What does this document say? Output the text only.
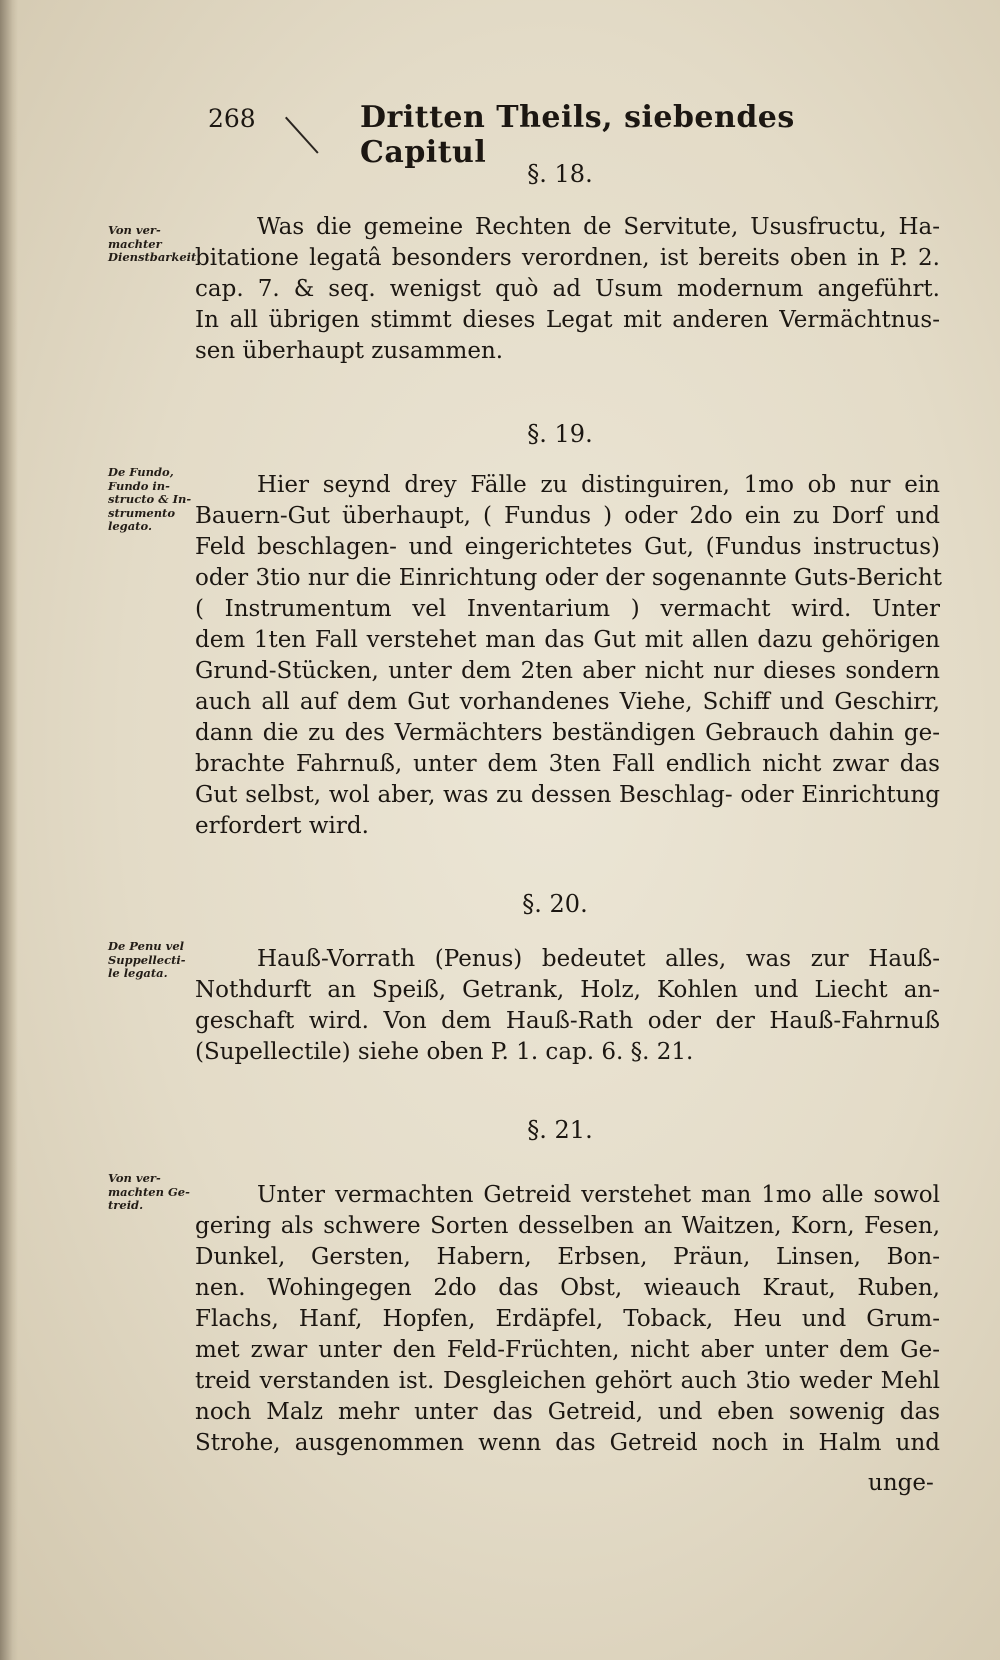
268	Dritten Theils, siebendes Capitul
§. 18.
Von ver-
machter
Dienstbarkeit.
Was die gemeine Rechten de Servitute, Ususfructu, Ha-
bitatione legatâ besonders verordnen, ist bereits oben in P. 2.
cap. 7. & seq. wenigst quò ad Usum modernum angeführt.
In all übrigen stimmt dieses Legat mit anderen Vermächtnus-
sen überhaupt zusammen.
§. 19.
De Fundo,
Fundo in-
structo & In-
strumento
legato.
Hier seynd drey Fälle zu distinguiren, 1mo ob nur ein
Bauern-Gut überhaupt, ( Fundus ) oder 2do ein zu Dorf und
Feld beschlagen- und eingerichtetes Gut, (Fundus instructus)
oder 3tio nur die Einrichtung oder der sogenannte Guts-Bericht
( Instrumentum vel Inventarium ) vermacht wird. Unter
dem 1ten Fall verstehet man das Gut mit allen dazu gehörigen
Grund-Stücken, unter dem 2ten aber nicht nur dieses sondern
auch all auf dem Gut vorhandenes Viehe, Schiff und Geschirr,
dann die zu des Vermächters beständigen Gebrauch dahin ge-
brachte Fahrnuß, unter dem 3ten Fall endlich nicht zwar das
Gut selbst, wol aber, was zu dessen Beschlag- oder Einrichtung
erfordert wird.
§. 20.
De Penu vel
Suppellecti-
le legata.
Hauß-Vorrath (Penus) bedeutet alles, was zur Hauß-
Nothdurft an Speiß, Getrank, Holz, Kohlen und Liecht an-
geschaft wird. Von dem Hauß-Rath oder der Hauß-Fahrnuß
(Supellectile) siehe oben P. 1. cap. 6. §. 21.
§. 21.
Von ver-
machten Ge-
treid.	Unter vermachten Getreid verstehet man 1mo alle sowol
gering als schwere Sorten desselben an Waitzen, Korn, Fesen,
Dunkel, Gersten, Habern, Erbsen, Präun, Linsen, Bon-
nen. Wohingegen 2do das Obst, wieauch Kraut, Ruben,
Flachs, Hanf, Hopfen, Erdäpfel, Toback, Heu und Grum-
met zwar unter den Feld-Früchten, nicht aber unter dem Ge-
treid verstanden ist. Desgleichen gehört auch 3tio weder Mehl
noch Malz mehr unter das Getreid, und eben sowenig das
Strohe, ausgenommen wenn das Getreid noch in Halm und
unge-
